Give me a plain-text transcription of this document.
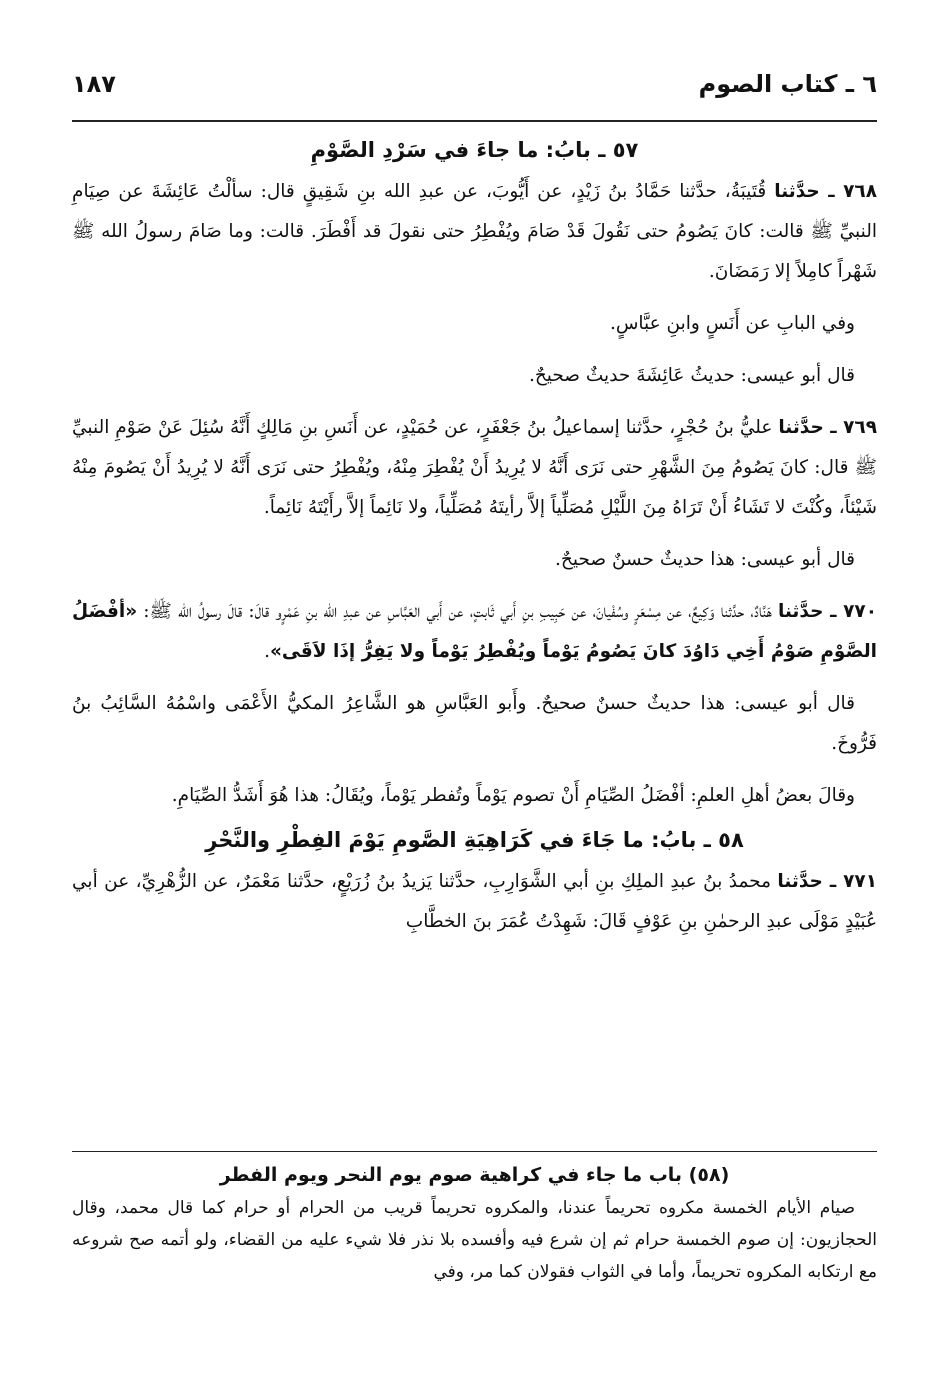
٦ ـ كتاب الصوم
١٨٧
٥٧ ـ بابُ: ما جاءَ في سَرْدِ الصَّوْمِ

٧٦٨ ـ حدَّثنا قُتَيبَةُ، حدَّثنا حَمَّادُ بنُ زَيْدٍ، عن أَيُّوبَ، عن عبدِ الله بنِ شَقِيقٍ قال: سألْتُ عَائِشَةَ عن صِيَامِ النبيِّ ﷺ قالت: كانَ يَصُومُ حتى نَقُولَ قَدْ صَامَ ويُفْطِرُ حتى نقولَ قد أَفْطَرَ. قالت: وما صَامَ رسولُ الله ﷺ شَهْراً كامِلاً إلا رَمَضَانَ.

وفي البابِ عن أَنَسٍ وابنِ عبَّاسٍ.

قال أبو عيسى: حديثُ عَائِشَةَ حديثٌ صحيحٌ.

٧٦٩ ـ حدَّثنا عليُّ بنُ حُجْرٍ، حدَّثنا إسماعيلُ بنُ جَعْفَرٍ، عن حُمَيْدٍ، عن أَنَسِ بنِ مَالِكٍ أَنَّهُ سُئِلَ عَنْ صَوْمِ النبيِّ ﷺ قال: كانَ يَصُومُ مِنَ الشَّهْرِ حتى نَرَى أَنَّهُ لا يُرِيدُ أَنْ يُفْطِرَ مِنْهُ، ويُفْطِرُ حتى نَرَى أَنَّهُ لا يُرِيدُ أَنْ يَصُومَ مِنْهُ شَيْئاً، وكُنْتَ لا تَشَاءُ أَنْ تَرَاهُ مِنَ اللَّيْلِ مُصَلِّياً إلاَّ رأيتَهُ مُصَلِّياً، ولا نَائِماً إلاَّ رأَيْتَهُ نَائِماً.

قال أبو عيسى: هذا حديثٌ حسنٌ صحيحٌ.

٧٧٠ ـ حدَّثنا هَنَّادٌ، حدَّثنا وَكِيعٌ، عن مِسْعَرٍ وسُفْيانَ، عن حَبِيبِ بنِ أَبي ثَابتٍ، عن أَبي العَبَّاسِ عن عبدِ الله بنِ عَمْرٍو قالَ: قالَ رسولُ الله ﷺ: «أفْضَلُ الصَّوْمِ صَوْمُ أَخِي دَاوُدَ كانَ يَصُومُ يَوْماً ويُفْطِرُ يَوْماً ولا يَفِرُّ إذَا لاَقَى».

قال أبو عيسى: هذا حديثٌ حسنٌ صحيحٌ. وأَبو العَبَّاسِ هو الشَّاعِرُ المكيُّ الأَعْمَى واسْمُهُ السَّائِبُ بنُ فَرُّوخَ.

وقالَ بعضُ أهلِ العلمِ: أفْضَلُ الصِّيَامِ أَنْ تصوم يَوْماً وتُفطر يَوْماً، ويُقَالُ: هذا هُوَ أَشَدُّ الصِّيَامِ.

٥٨ ـ بابُ: ما جَاءَ في كَرَاهِيَةِ الصَّومِ يَوْمَ الفِطْرِ والنَّحْرِ

٧٧١ ـ حدَّثنا محمدُ بنُ عبدِ الملِكِ بنِ أبي الشَّوَارِبِ، حدَّثنا يَزيدُ بنُ زُرَيْعٍ، حدَّثنا مَعْمَرٌ، عن الزُّهْرِيِّ، عن أبي عُبَيْدٍ مَوْلَى عبدِ الرحمٰنِ بنِ عَوْفٍ قَالَ: شَهِدْتُ عُمَرَ بنَ الخطَّابِ

(٥٨) باب ما جاء في كراهية صوم يوم النحر ويوم الفطر

صيام الأيام الخمسة مكروه تحريماً عندنا، والمكروه تحريماً قريب من الحرام أو حرام كما قال محمد، وقال الحجازيون: إن صوم الخمسة حرام ثم إن شرع فيه وأفسده بلا نذر فلا شيء عليه من القضاء، ولو أتمه صح شروعه مع ارتكابه المكروه تحريماً، وأما في الثواب فقولان كما مر، وفي
